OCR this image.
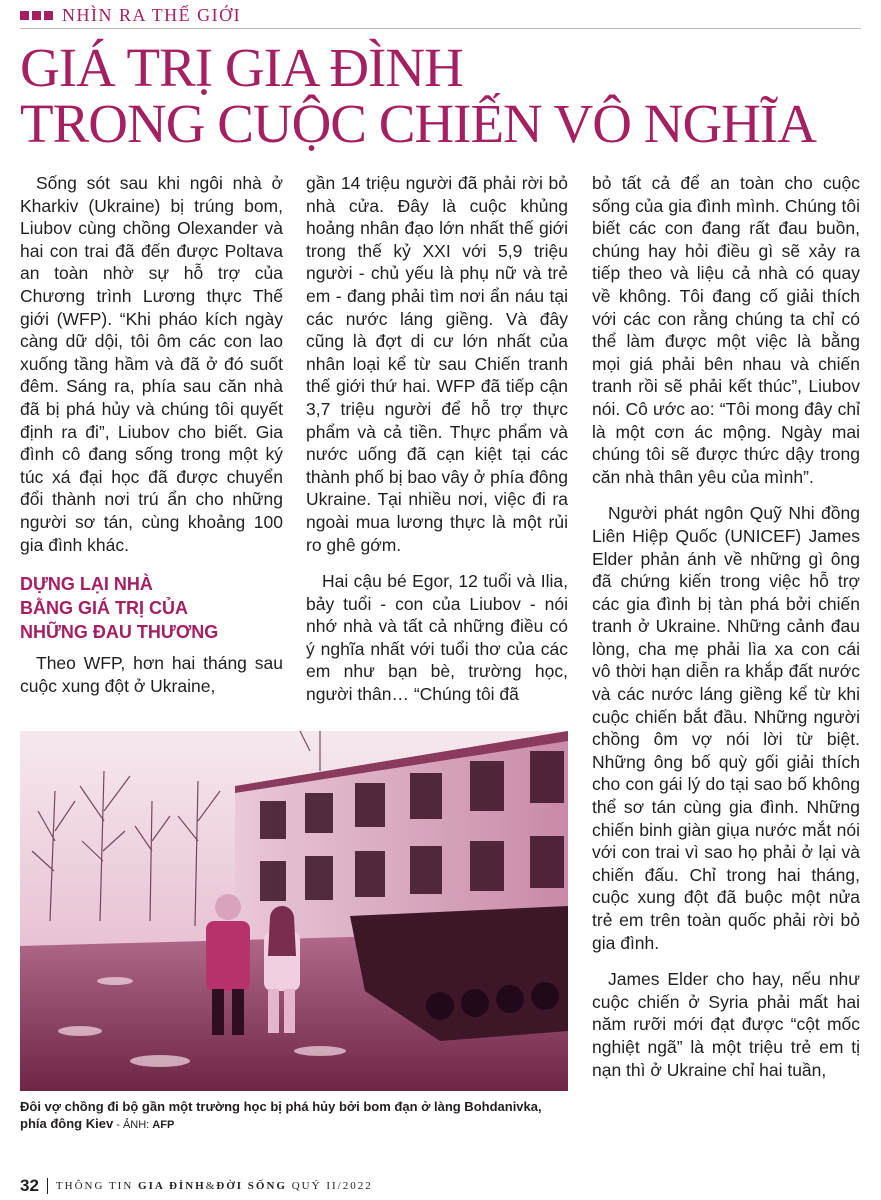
NHÌN RA THẾ GIỚI
GIÁ TRỊ GIA ĐÌNH
TRONG CUỘC CHIẾN VÔ NGHĨA

Sống sót sau khi ngôi nhà ở Kharkiv (Ukraine) bị trúng bom, Liubov cùng chồng Olexander và hai con trai đã đến được Poltava an toàn nhờ sự hỗ trợ của Chương trình Lương thực Thế giới (WFP). “Khi pháo kích ngày càng dữ dội, tôi ôm các con lao xuống tầng hầm và đã ở đó suốt đêm. Sáng ra, phía sau căn nhà đã bị phá hủy và chúng tôi quyết định ra đi”, Liubov cho biết. Gia đình cô đang sống trong một ký túc xá đại học đã được chuyển đổi thành nơi trú ẩn cho những người sơ tán, cùng khoảng 100 gia đình khác.

DỰNG LẠI NHÀ
BẰNG GIÁ TRỊ CỦA
NHỮNG ĐAU THƯƠNG

Theo WFP, hơn hai tháng sau cuộc xung đột ở Ukraine,

gần 14 triệu người đã phải rời bỏ nhà cửa. Đây là cuộc khủng hoảng nhân đạo lớn nhất thế giới trong thế kỷ XXI với 5,9 triệu người - chủ yếu là phụ nữ và trẻ em - đang phải tìm nơi ẩn náu tại các nước láng giềng. Và đây cũng là đợt di cư lớn nhất của nhân loại kể từ sau Chiến tranh thế giới thứ hai. WFP đã tiếp cận 3,7 triệu người để hỗ trợ thực phẩm và cả tiền. Thực phẩm và nước uống đã cạn kiệt tại các thành phố bị bao vây ở phía đông Ukraine. Tại nhiều nơi, việc đi ra ngoài mua lương thực là một rủi ro ghê gớm.

Hai cậu bé Egor, 12 tuổi và Ilia, bảy tuổi - con của Liubov - nói nhớ nhà và tất cả những điều có ý nghĩa nhất với tuổi thơ của các em như bạn bè, trường học, người thân… “Chúng tôi đã

bỏ tất cả để an toàn cho cuộc sống của gia đình mình. Chúng tôi biết các con đang rất đau buồn, chúng hay hỏi điều gì sẽ xảy ra tiếp theo và liệu cả nhà có quay về không. Tôi đang cố giải thích với các con rằng chúng ta chỉ có thể làm được một việc là bằng mọi giá phải bên nhau và chiến tranh rồi sẽ phải kết thúc”, Liubov nói. Cô ước ao: “Tôi mong đây chỉ là một cơn ác mộng. Ngày mai chúng tôi sẽ được thức dậy trong căn nhà thân yêu của mình”.

Người phát ngôn Quỹ Nhi đồng Liên Hiệp Quốc (UNICEF) James Elder phản ánh về những gì ông đã chứng kiến trong việc hỗ trợ các gia đình bị tàn phá bởi chiến tranh ở Ukraine. Những cảnh đau lòng, cha mẹ phải lìa xa con cái vô thời hạn diễn ra khắp đất nước và các nước láng giềng kể từ khi cuộc chiến bắt đầu. Những người chồng ôm vợ nói lời từ biệt. Những ông bố quỳ gối giải thích cho con gái lý do tại sao bố không thể sơ tán cùng gia đình. Những chiến binh giàn giụa nước mắt nói với con trai vì sao họ phải ở lại và chiến đấu. Chỉ trong hai tháng, cuộc xung đột đã buộc một nửa trẻ em trên toàn quốc phải rời bỏ gia đình.

James Elder cho hay, nếu như cuộc chiến ở Syria phải mất hai năm rưỡi mới đạt được “cột mốc nghiệt ngã” là một triệu trẻ em tị nạn thì ở Ukraine chỉ hai tuần,

Đôi vợ chồng đi bộ gần một trường học bị phá hủy bởi bom đạn ở làng Bohdanivka,
phía đông Kiev - ẢNH: AFP
32 THÔNG TIN GIA ĐÌNH&ĐỜI SỐNG QUÝ II/2022
